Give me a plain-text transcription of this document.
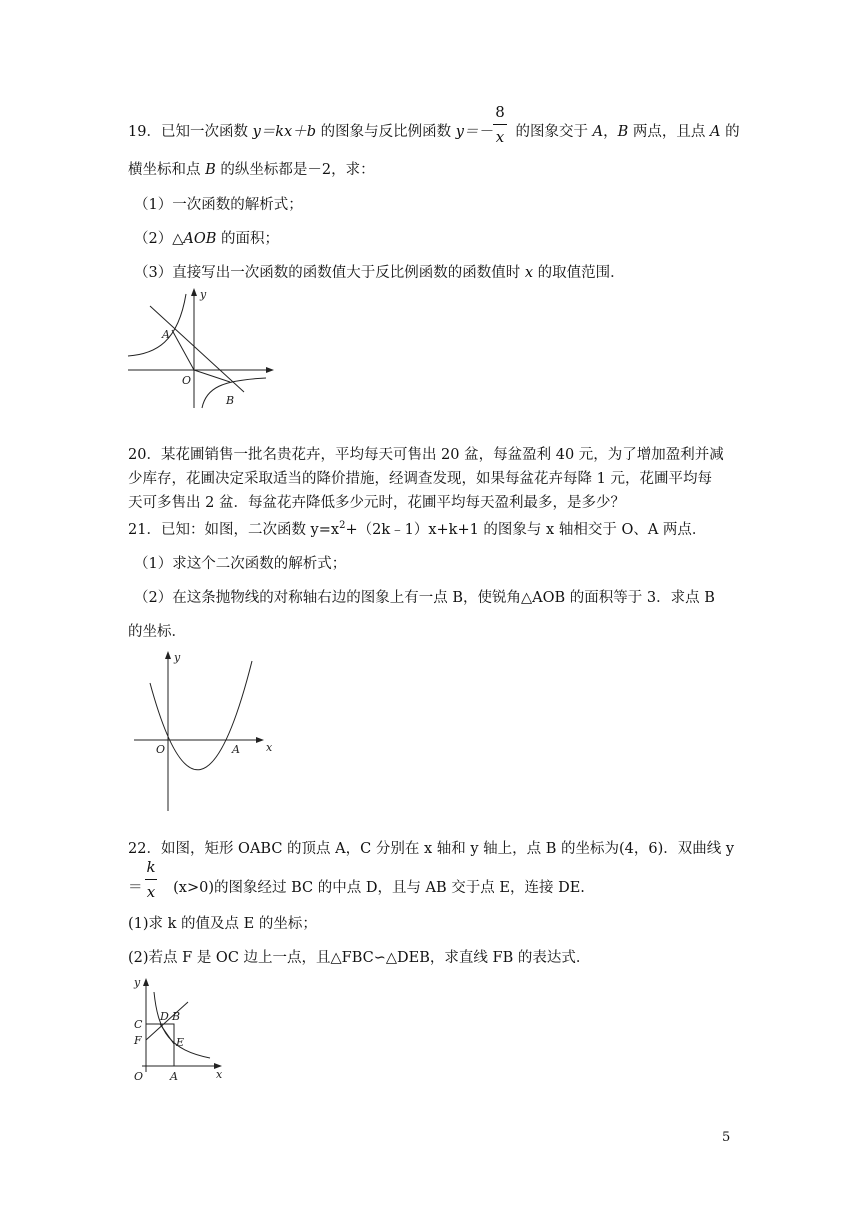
19．已知一次函数 y＝kx＋b 的图象与反比例函数 y＝－ 的图象交于 A，B 两点，且点 A 的
8
x
横坐标和点 B 的纵坐标都是－2，求：
（1）一次函数的解析式；
（2）△AOB 的面积；
（3）直接写出一次函数的函数值大于反比例函数的函数值时 x 的取值范围．
y
A
O
B
20．某花圃销售一批名贵花卉，平均每天可售出 20 盆，每盆盈利 40 元，为了增加盈利并减
少库存，花圃决定采取适当的降价措施，经调查发现，如果每盆花卉每降 1 元，花圃平均每
天可多售出 2 盆．每盆花卉降低多少元时，花圃平均每天盈利最多，是多少？
21．已知：如图，二次函数 $y=x^2+(2k﹣1)x+k+1$ 的图象与 x 轴相交于 O、A 两点．
（1）求这个二次函数的解析式；
（2）在这条抛物线的对称轴右边的图象上有一点 B，使锐角△AOB 的面积等于 3．求点 B
的坐标．
y
O	A x
22．如图，矩形 OABC 的顶点 A，C 分别在 x 轴和 y 轴上，点 B 的坐标为(4，6)．双曲线 y
＝ (x>0)的图象经过 BC 的中点 D，且与 AB 交于点 E，连接 DE.
k
x
(1)求 k 的值及点 E 的坐标；
(2)若点 F 是 OC 边上一点，且△FBC∽△DEB，求直线 FB 的表达式．
y
C
F
D B
E
O A	x
5
